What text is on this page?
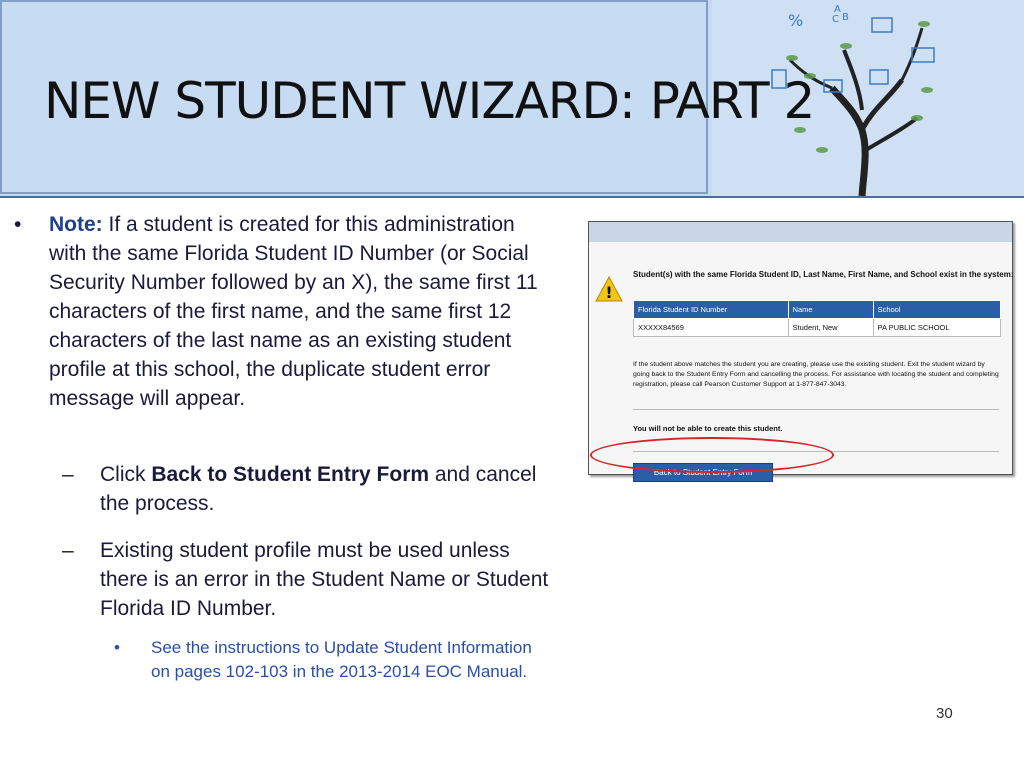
%
A
B
C
NEW STUDENT WIZARD: PART 2
• Note: If a student is created for this administration with the same Florida Student ID Number (or Social Security Number followed by an X), the same first 11 characters of the first name, and the same first 12 characters of the last name as an existing student profile at this school, the duplicate student error message will appear.
– Click Back to Student Entry Form and cancel the process.
– Existing student profile must be used unless there is an error in the Student Name or Student Florida ID Number.
• See the instructions to Update Student Information on pages 102-103 in the 2013-2014 EOC Manual.
!
Student(s) with the same Florida Student ID, Last Name, First Name, and School exist in the system:
Florida Student ID Number	Name	School
XXXXX84569	Student, New	PA PUBLIC SCHOOL
If the student above matches the student you are creating, please use the existing student. Exit the student wizard by going back to the Student Entry Form and cancelling the process. For assistance with locating the student and completing registration, please call Pearson Customer Support at 1-877-847-3043.
You will not be able to create this student.
Back to Student Entry Form
30
